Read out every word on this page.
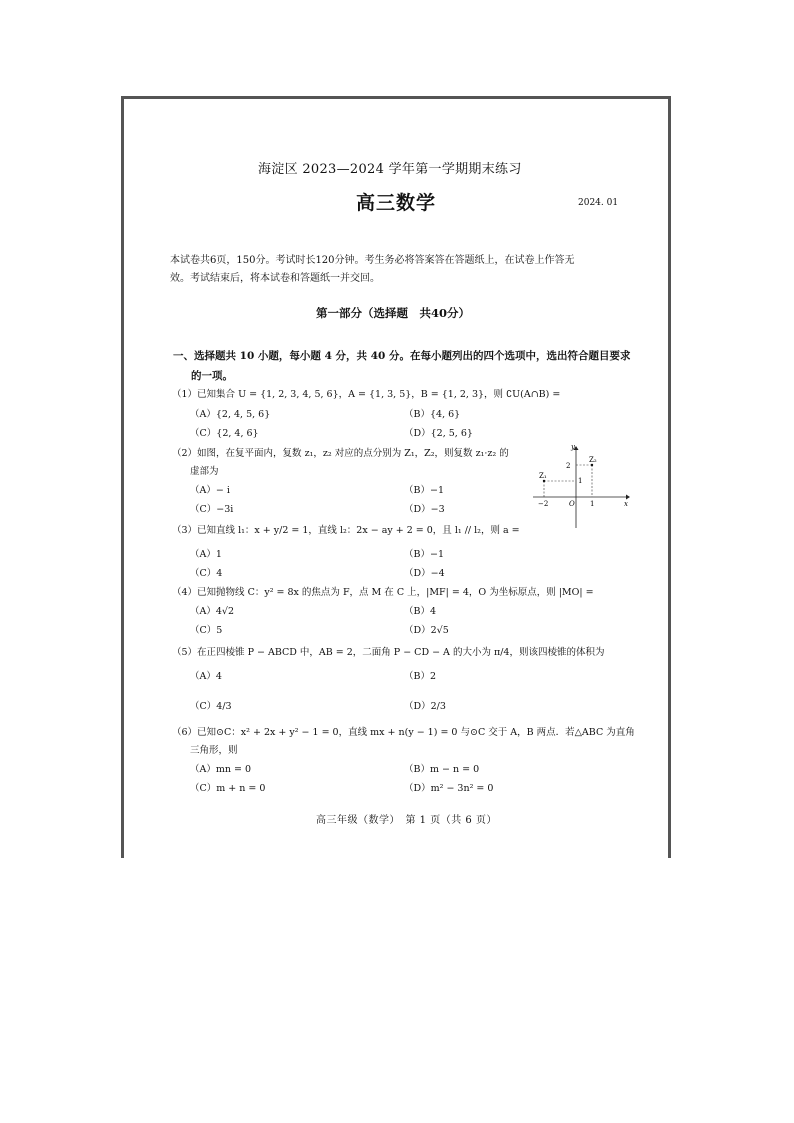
海淀区 2023—2024 学年第一学期期末练习
高三数学	2024. 01
本试卷共6页，150分。考试时长120分钟。考生务必将答案答在答题纸上，在试卷上作答无
效。考试结束后，将本试卷和答题纸一并交回。
第一部分（选择题　共40分）
一、选择题共 10 小题，每小题 4 分，共 40 分。在每小题列出的四个选项中，选出符合题目要求
的一项。
（1）已知集合 U = {1, 2, 3, 4, 5, 6}，A = {1, 3, 5}，B = {1, 2, 3}，则 ∁U(A∩B) =
（A）{2, 4, 5, 6}	（B）{4, 6}
（C）{2, 4, 6}	（D）{2, 5, 6}
（2）如图，在复平面内，复数 z₁，z₂ 对应的点分别为 Z₁，Z₂，则复数 z₁·z₂ 的
虚部为
（A）− i	（B）−1
（C）−3i	（D）−3
Z₁
Z₂
2
1
−2	O 1	x
y
（3）已知直线 l₁：x + y/2 = 1，直线 l₂：2x − ay + 2 = 0，且 l₁ // l₂，则 a =
（A）1	（B）−1
（C）4	（D）−4
（4）已知抛物线 C：y² = 8x 的焦点为 F，点 M 在 C 上，|MF| = 4，O 为坐标原点，则 |MO| =
（A）4√2	（B）4
（C）5	（D）2√5
（5）在正四棱锥 P − ABCD 中，AB = 2，二面角 P − CD − A 的大小为 π/4，则该四棱锥的体积为
（A）4	（B）2
（C）4/3	（D）2/3
（6）已知⊙C：x² + 2x + y² − 1 = 0，直线 mx + n(y − 1) = 0 与⊙C 交于 A，B 两点．若△ABC 为直角
三角形，则
（A）mn = 0	（B）m − n = 0
（C）m + n = 0	（D）m² − 3n² = 0
高三年级（数学）　第 1 页（共 6 页）
